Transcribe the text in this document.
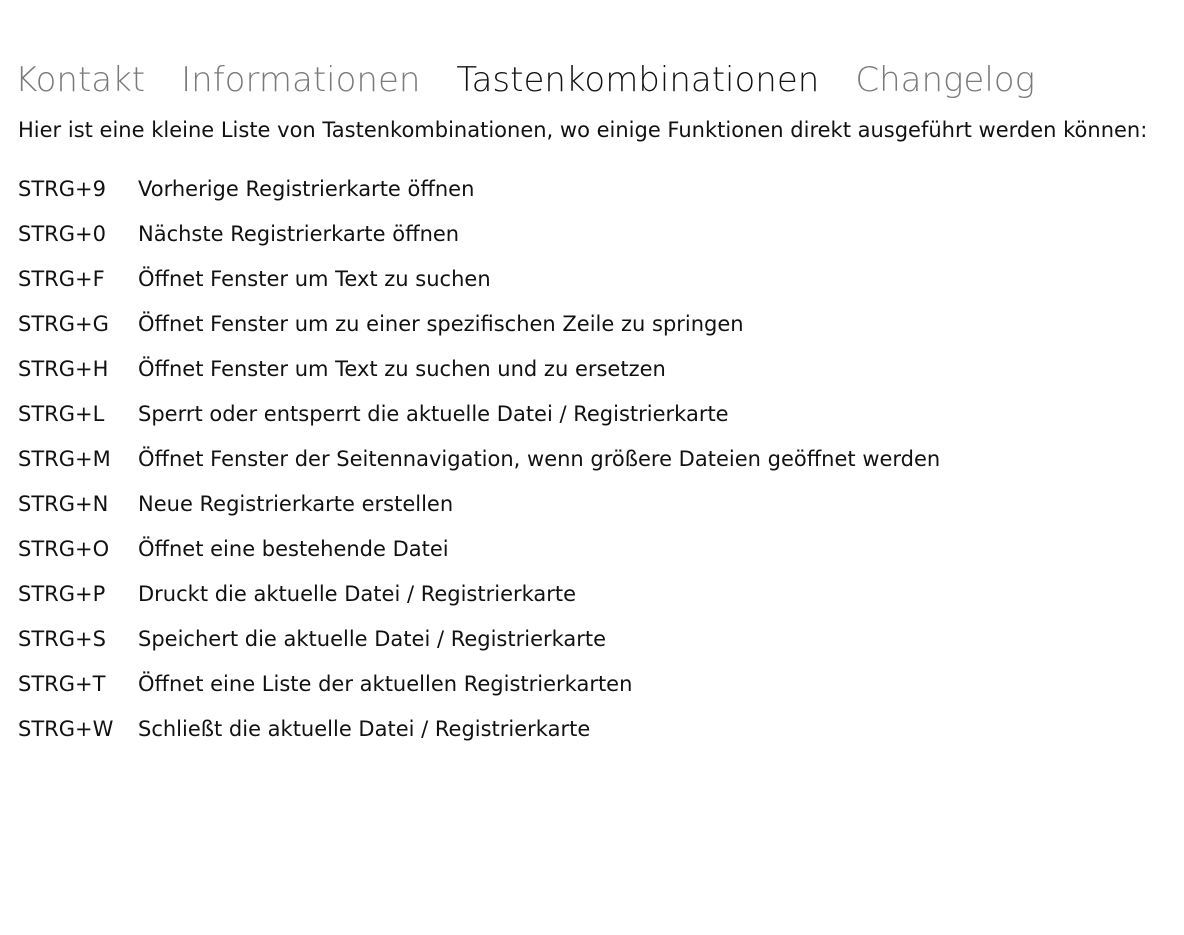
Kontakt Informationen Tastenkombinationen Changelog
Hier ist eine kleine Liste von Tastenkombinationen, wo einige Funktionen direkt ausgeführt werden können:
STRG+9	Vorherige Registrierkarte öffnen
STRG+0	Nächste Registrierkarte öffnen
STRG+F	Öffnet Fenster um Text zu suchen
STRG+G	Öffnet Fenster um zu einer spezifischen Zeile zu springen
STRG+H	Öffnet Fenster um Text zu suchen und zu ersetzen
STRG+L	Sperrt oder entsperrt die aktuelle Datei / Registrierkarte
STRG+M	Öffnet Fenster der Seitennavigation, wenn größere Dateien geöffnet werden
STRG+N	Neue Registrierkarte erstellen
STRG+O	Öffnet eine bestehende Datei
STRG+P	Druckt die aktuelle Datei / Registrierkarte
STRG+S	Speichert die aktuelle Datei / Registrierkarte
STRG+T	Öffnet eine Liste der aktuellen Registrierkarten
STRG+W	Schließt die aktuelle Datei / Registrierkarte
